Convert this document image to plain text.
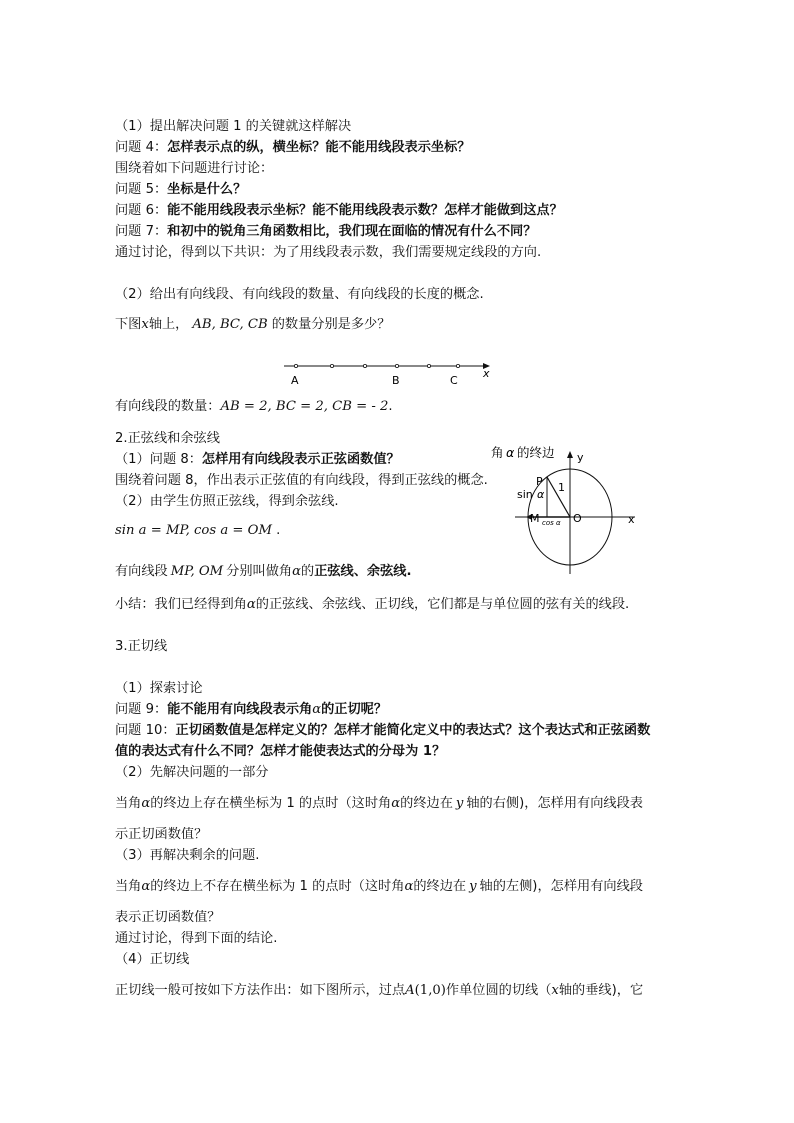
（1）提出解决问题 1 的关键就这样解决
问题 4：怎样表示点的纵，横坐标？能不能用线段表示坐标？
围绕着如下问题进行讨论：
问题 5：坐标是什么？
问题 6：能不能用线段表示坐标？能不能用线段表示数？怎样才能做到这点？
问题 7：和初中的锐角三角函数相比，我们现在面临的情况有什么不同？
通过讨论，得到以下共识：为了用线段表示数，我们需要规定线段的方向.
（2）给出有向线段、有向线段的数量、有向线段的长度的概念.
下图x轴上， AB, BC, CB 的数量分别是多少？
A	B	C
x
有向线段的数量：AB = 2, BC = 2, CB = - 2.
2.正弦线和余弦线
（1）问题 8：怎样用有向线段表示正弦函数值？
围绕着问题 8，作出表示正弦值的有向线段，得到正弦线的概念.
（2）由学生仿照正弦线，得到余弦线.
sin a = MP, cos a = OM .
有向线段 MP, OM 分别叫做角α的正弦线、余弦线.
角 α 的终边 y
x
P 1
sin α
M cos α O
小结：我们已经得到角α的正弦线、余弦线、正切线，它们都是与单位圆的弦有关的线段.
3.正切线
（1）探索讨论
问题 9：能不能用有向线段表示角α的正切呢？
问题 10：正切函数值是怎样定义的？怎样才能简化定义中的表达式？这个表达式和正弦函数
值的表达式有什么不同？怎样才能使表达式的分母为 1？
（2）先解决问题的一部分
当角α的终边上存在横坐标为 1 的点时（这时角α的终边在 y 轴的右侧)，怎样用有向线段表
示正切函数值？
（3）再解决剩余的问题.
当角α的终边上不存在横坐标为 1 的点时（这时角α的终边在 y 轴的左侧)，怎样用有向线段
表示正切函数值？
通过讨论，得到下面的结论.
（4）正切线
正切线一般可按如下方法作出：如下图所示，过点A(1,0)作单位圆的切线（x轴的垂线)，它
